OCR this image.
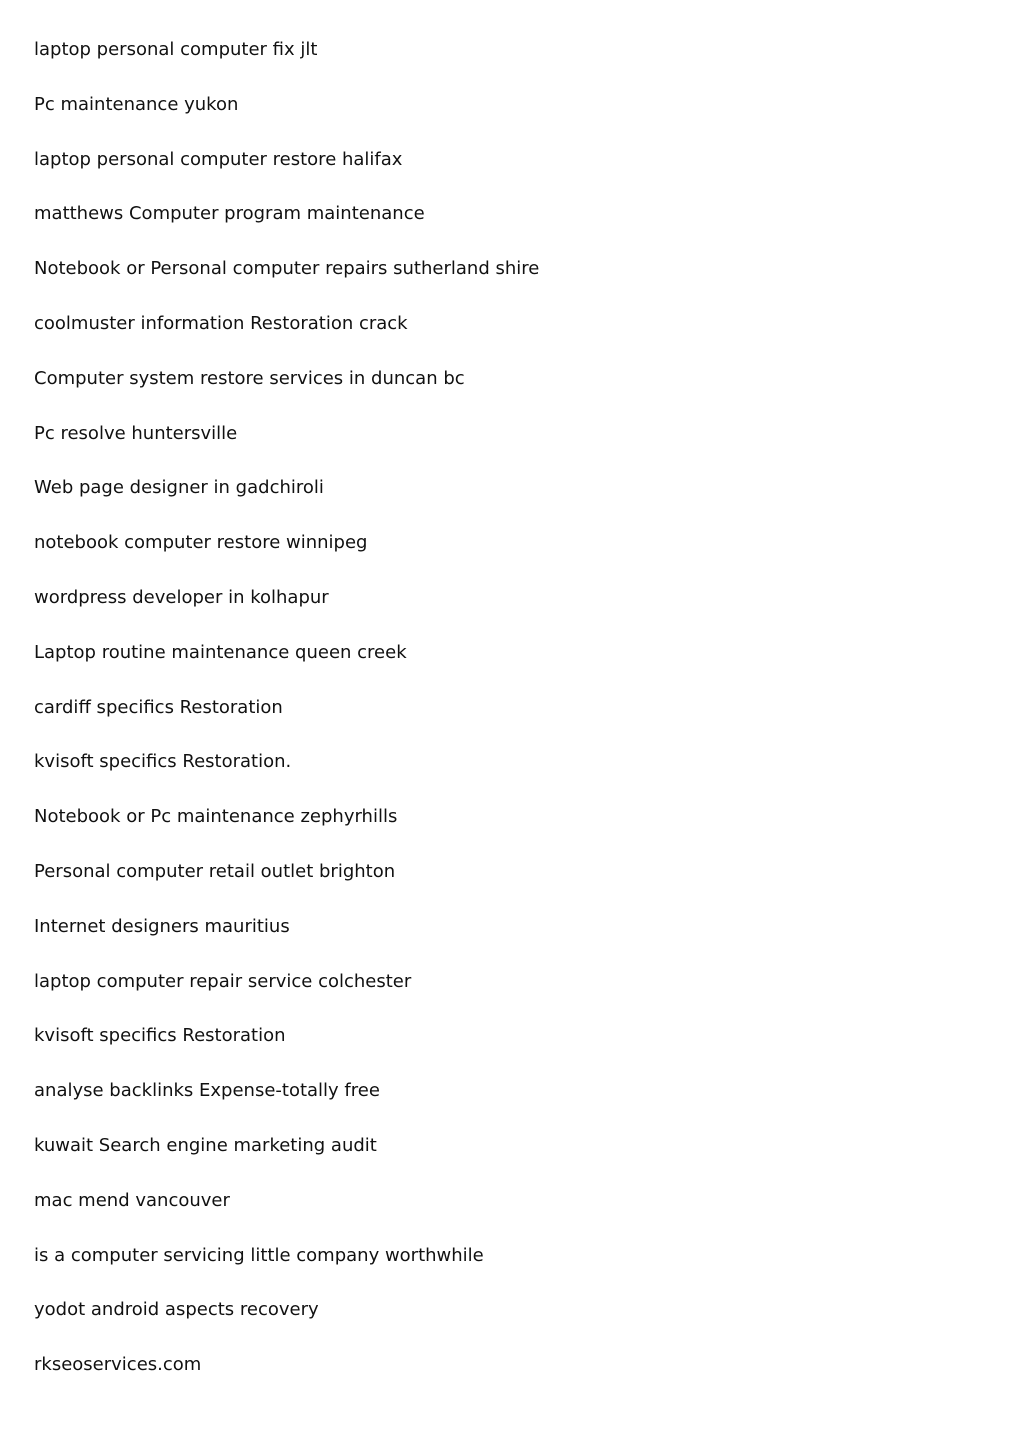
laptop personal computer fix jlt
Pc maintenance yukon
laptop personal computer restore halifax
matthews Computer program maintenance
Notebook or Personal computer repairs sutherland shire
coolmuster information Restoration crack
Computer system restore services in duncan bc
Pc resolve huntersville
Web page designer in gadchiroli
notebook computer restore winnipeg
wordpress developer in kolhapur
Laptop routine maintenance queen creek
cardiff specifics Restoration
kvisoft specifics Restoration.
Notebook or Pc maintenance zephyrhills
Personal computer retail outlet brighton
Internet designers mauritius
laptop computer repair service colchester
kvisoft specifics Restoration
analyse backlinks Expense-totally free
kuwait Search engine marketing audit
mac mend vancouver
is a computer servicing little company worthwhile
yodot android aspects recovery
rkseoservices.com
